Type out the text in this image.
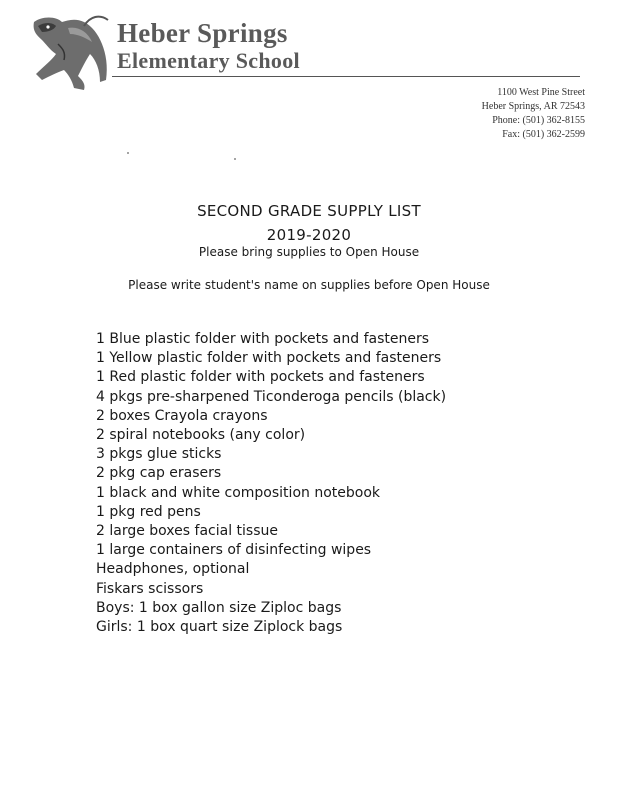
Heber Springs
Elementary School
1100 West Pine Street
Heber Springs, AR 72543
Phone: (501) 362-8155
Fax: (501) 362-2599
SECOND GRADE SUPPLY LIST
2019-2020
Please bring supplies to Open House
Please write student's name on supplies before Open House
1 Blue plastic folder with pockets and fasteners
1 Yellow plastic folder with pockets and fasteners
1 Red plastic folder with pockets and fasteners
4 pkgs pre-sharpened Ticonderoga pencils (black)
2 boxes Crayola crayons
2 spiral notebooks (any color)
3 pkgs glue sticks
2 pkg cap erasers
1 black and white composition notebook
1 pkg red pens
2 large boxes facial tissue
1 large containers of disinfecting wipes
Headphones, optional
Fiskars scissors
Boys: 1 box gallon size Ziploc bags
Girls: 1 box quart size Ziplock bags
